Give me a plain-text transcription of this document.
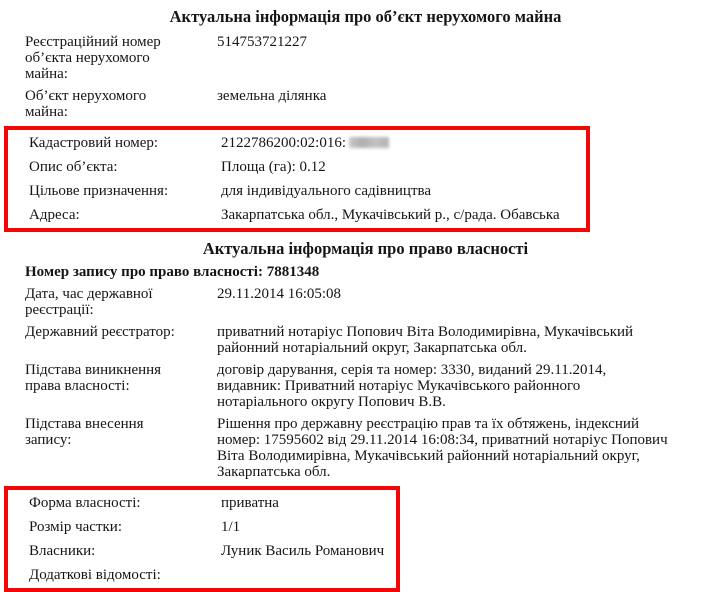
Актуальна інформація про об’єкт нерухомого майна
Реєстраційний номер об’єкта нерухомого майна:
514753721227
Об’єкт нерухомого майна:
земельна ділянка
Кадастровий номер:	2122786200:02:016:
Опис об’єкта:	Площа (га): 0.12
Цільове призначення:	для індивідуального садівництва
Адреса:	Закарпатська обл., Мукачівський р., с/рада. Обавська
Актуальна інформація про право власності
Номер запису про право власності: 7881348
Дата, час державної реєстрації:
29.11.2014 16:05:08
Державний реєстратор:	приватний нотаріус Попович Віта Володимирівна, Мукачівський районний нотаріальний округ, Закарпатська обл.
Підстава виникнення права власності:
договір дарування, серія та номер: 3330, виданий 29.11.2014, видавник: Приватний нотаріус Мукачівського районного нотаріального округу Попович В.В.
Підстава внесення запису:
Рішення про державну реєстрацію прав та їх обтяжень, індексний номер: 17595602 від 29.11.2014 16:08:34, приватний нотаріус Попович Віта Володимирівна, Мукачівський районний нотаріальний округ, Закарпатська обл.
Форма власності:	приватна
Розмір частки:	1/1
Власники:	Луник Василь Романович
Додаткові відомості:
